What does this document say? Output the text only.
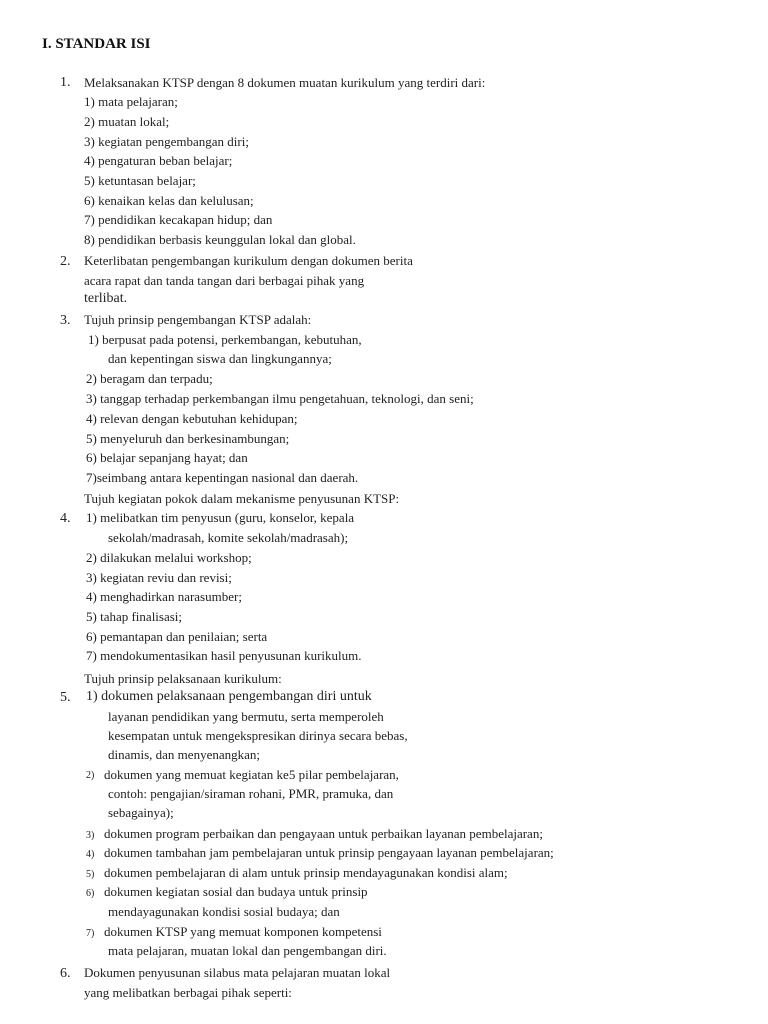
I. STANDAR ISI
1. Melaksanakan KTSP dengan 8 dokumen muatan kurikulum yang terdiri dari:
1) mata pelajaran;
2) muatan lokal;
3) kegiatan pengembangan diri;
4) pengaturan beban belajar;
5) ketuntasan belajar;
6) kenaikan kelas dan kelulusan;
7) pendidikan kecakapan hidup; dan
8) pendidikan berbasis keunggulan lokal dan global.
2. Keterlibatan pengembangan kurikulum dengan dokumen berita
acara rapat dan tanda tangan dari berbagai pihak yang
terlibat.
3. Tujuh prinsip pengembangan KTSP adalah:
1) berpusat pada potensi, perkembangan, kebutuhan,
dan kepentingan siswa dan lingkungannya;
2) beragam dan terpadu;
3) tanggap terhadap perkembangan ilmu pengetahuan, teknologi, dan seni;
4) relevan dengan kebutuhan kehidupan;
5) menyeluruh dan berkesinambungan;
6) belajar sepanjang hayat; dan
7)seimbang antara kepentingan nasional dan daerah.
Tujuh kegiatan pokok dalam mekanisme penyusunan KTSP:
4. 1) melibatkan tim penyusun (guru, konselor, kepala
sekolah/madrasah, komite sekolah/madrasah);
2) dilakukan melalui workshop;
3) kegiatan reviu dan revisi;
4) menghadirkan narasumber;
5) tahap finalisasi;
6) pemantapan dan penilaian; serta
7) mendokumentasikan hasil penyusunan kurikulum.
Tujuh prinsip pelaksanaan kurikulum:
5. 1) dokumen pelaksanaan pengembangan diri untuk
layanan pendidikan yang bermutu, serta memperoleh
kesempatan untuk mengekspresikan dirinya secara bebas,
dinamis, dan menyenangkan;
2) dokumen yang memuat kegiatan ke5 pilar pembelajaran,
contoh: pengajian/siraman rohani, PMR, pramuka, dan
sebagainya);
3) dokumen program perbaikan dan pengayaan untuk perbaikan layanan pembelajaran;
4) dokumen tambahan jam pembelajaran untuk prinsip pengayaan layanan pembelajaran;
5) dokumen pembelajaran di alam untuk prinsip mendayagunakan kondisi alam;
6) dokumen kegiatan sosial dan budaya untuk prinsip
mendayagunakan kondisi sosial budaya; dan
7) dokumen KTSP yang memuat komponen kompetensi
mata pelajaran, muatan lokal dan pengembangan diri.
6. Dokumen penyusunan silabus mata pelajaran muatan lokal
yang melibatkan berbagai pihak seperti:
